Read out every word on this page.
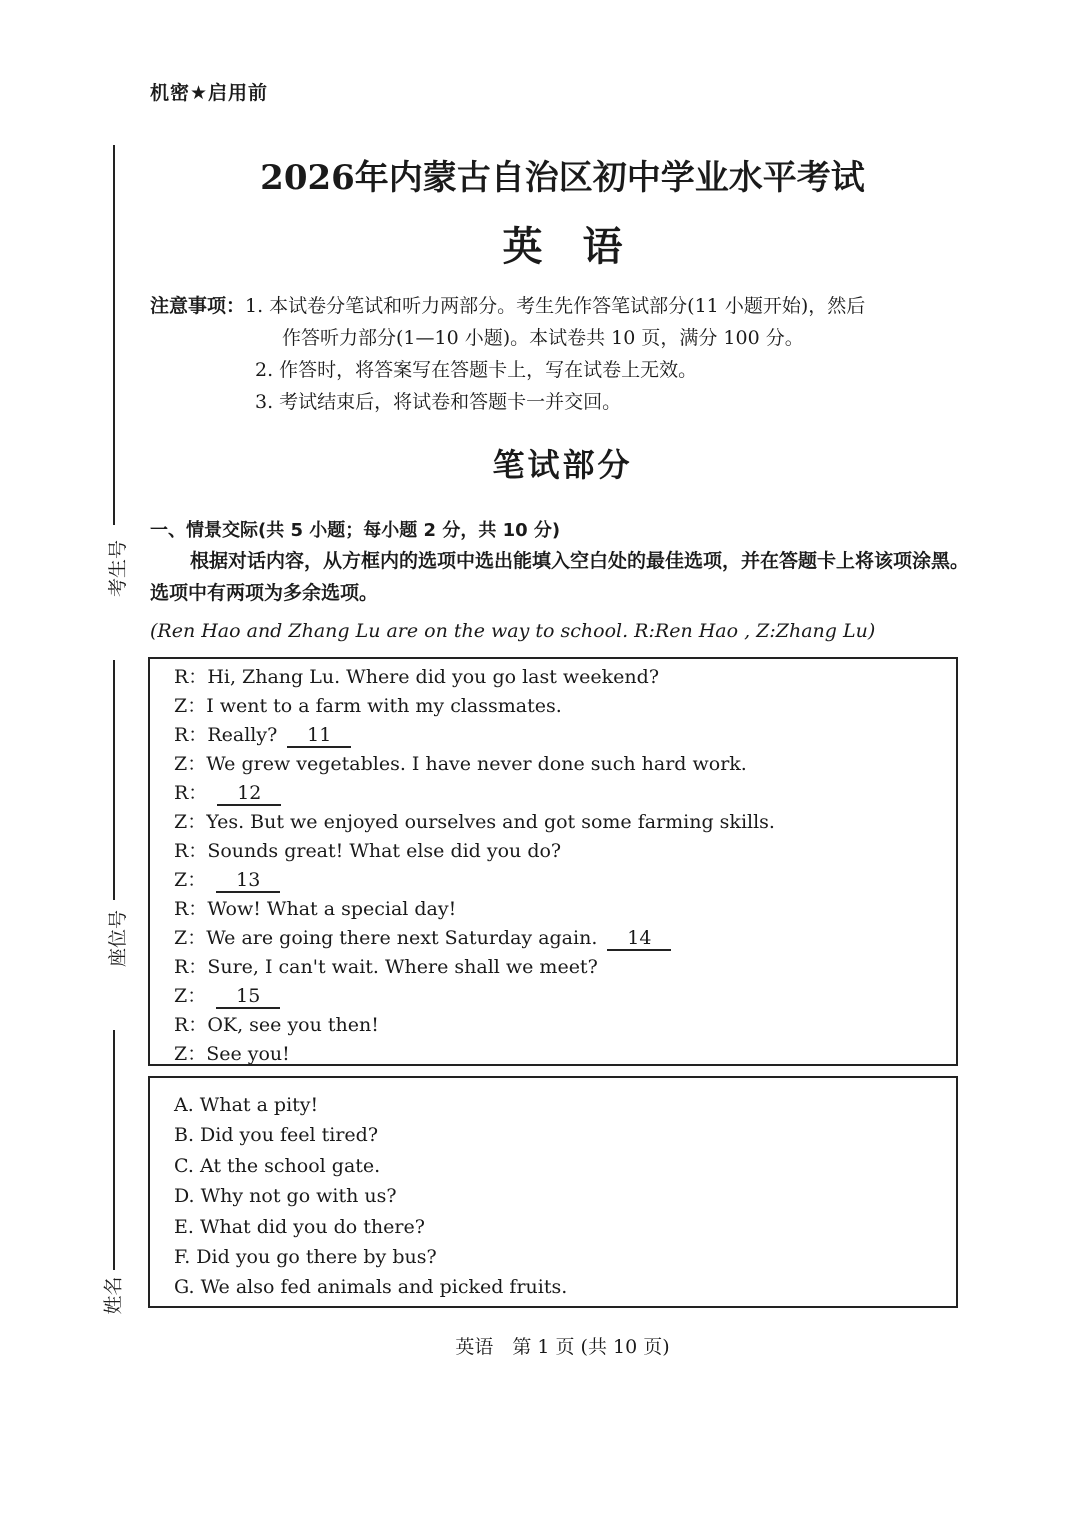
考生号
座位号
姓名
机密★启用前
2026年内蒙古自治区初中学业水平考试
英语
注意事项： 1. 本试卷分笔试和听力两部分。考生先作答笔试部分(11 小题开始)，然后
作答听力部分(1—10 小题)。本试卷共 10 页，满分 100 分。
2. 作答时，将答案写在答题卡上，写在试卷上无效。
3. 考试结束后，将试卷和答题卡一并交回。
笔试部分
一、情景交际(共 5 小题；每小题 2 分，共 10 分)
根据对话内容，从方框内的选项中选出能填入空白处的最佳选项，并在答题卡上将该项涂黑。选项中有两项为多余选项。
(Ren Hao and Zhang Lu are on the way to school. R:Ren Hao , Z:Zhang Lu)
R：Hi, Zhang Lu. Where did you go last weekend?
Z：I went to a farm with my classmates.
R：Really? 11
Z：We grew vegetables. I have never done such hard work.
R： 12
Z：Yes. But we enjoyed ourselves and got some farming skills.
R：Sounds great! What else did you do?
Z： 13
R：Wow! What a special day!
Z：We are going there next Saturday again. 14
R：Sure, I can't wait. Where shall we meet?
Z： 15
R：OK, see you then!
Z：See you!
A. What a pity!
B. Did you feel tired?
C. At the school gate.
D. Why not go with us?
E. What did you do there?
F. Did you go there by bus?
G. We also fed animals and picked fruits.
英语　第 1 页 (共 10 页)
